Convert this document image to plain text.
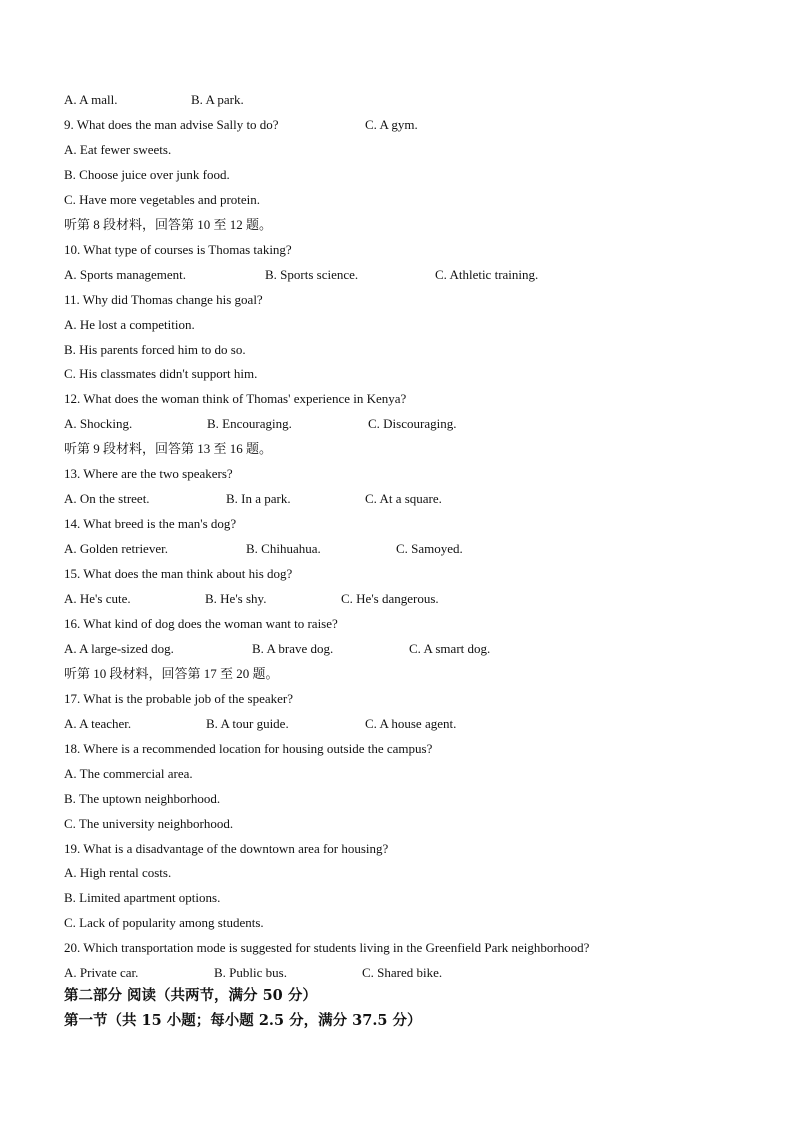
A. A mall.	B. A park.
9. What does the man advise Sally to do?	C. A gym.
A. Eat fewer sweets.
B. Choose juice over junk food.
C. Have more vegetables and protein.
听第 8 段材料，回答第 10 至 12 题。
10. What type of courses is Thomas taking?
A. Sports management.	B. Sports science.	C. Athletic training.
11. Why did Thomas change his goal?
A. He lost a competition.
B. His parents forced him to do so.
C. His classmates didn't support him.
12. What does the woman think of Thomas' experience in Kenya?
A. Shocking.	B. Encouraging.	C. Discouraging.
听第 9 段材料，回答第 13 至 16 题。
13. Where are the two speakers?
A. On the street.	B. In a park.	C. At a square.
14. What breed is the man's dog?
A. Golden retriever.	B. Chihuahua.	C. Samoyed.
15. What does the man think about his dog?
A. He's cute.	B. He's shy.	C. He's dangerous.
16. What kind of dog does the woman want to raise?
A. A large-sized dog.	B. A brave dog.	C. A smart dog.
听第 10 段材料，回答第 17 至 20 题。
17. What is the probable job of the speaker?
A. A teacher.	B. A tour guide.	C. A house agent.
18. Where is a recommended location for housing outside the campus?
A. The commercial area.
B. The uptown neighborhood.
C. The university neighborhood.
19. What is a disadvantage of the downtown area for housing?
A. High rental costs.
B. Limited apartment options.
C. Lack of popularity among students.
20. Which transportation mode is suggested for students living in the Greenfield Park neighborhood?
A. Private car.	B. Public bus.	C. Shared bike.
第二部分 阅读（共两节，满分 50 分）
第一节（共 15 小题；每小题 2.5 分，满分 37.5 分）
